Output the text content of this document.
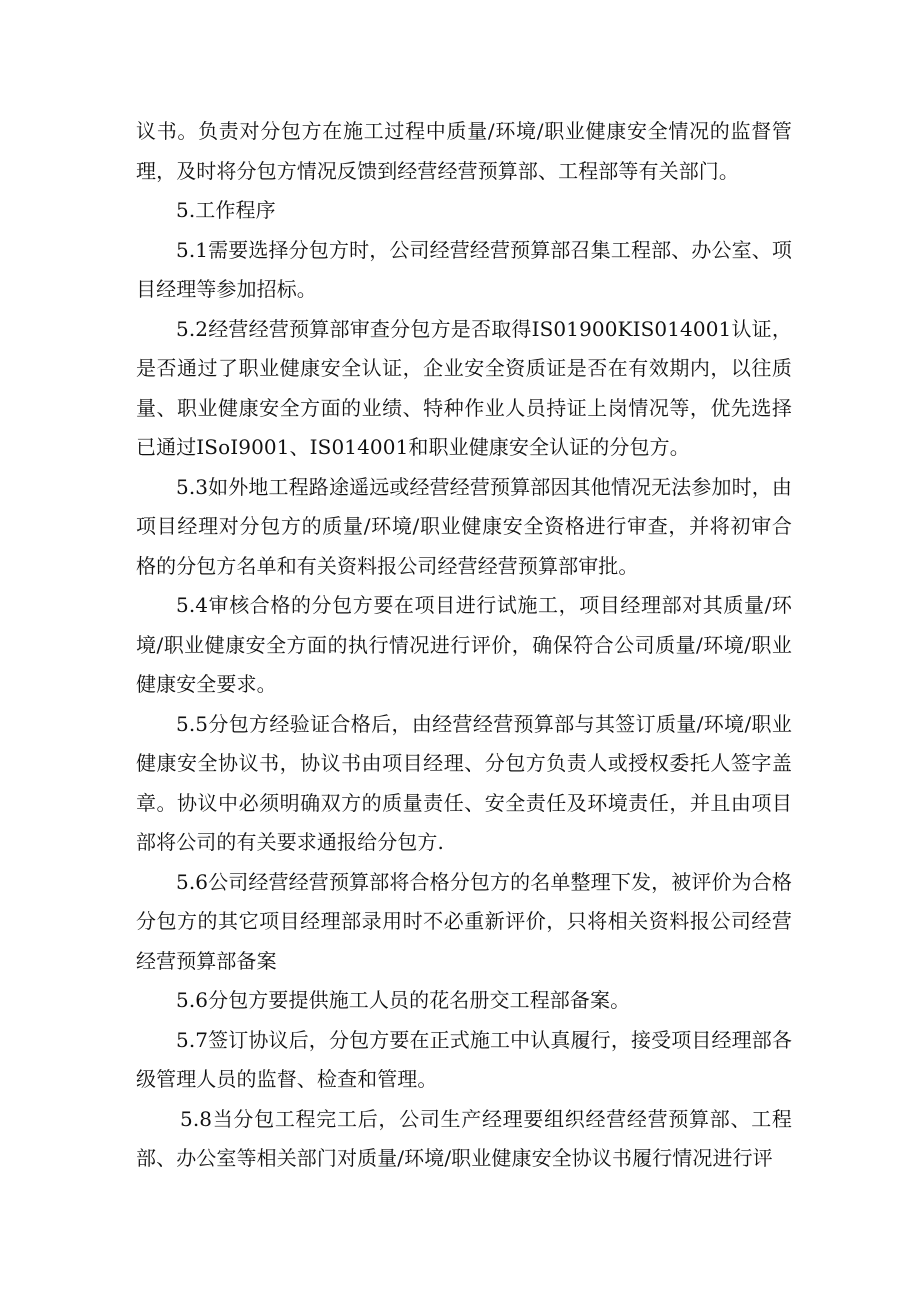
议书。负责对分包方在施工过程中质量/环境/职业健康安全情况的监督管理，及时将分包方情况反馈到经营经营预算部、工程部等有关部门。

5.工作程序

5.1需要选择分包方时，公司经营经营预算部召集工程部、办公室、项目经理等参加招标。

5.2经营经营预算部审查分包方是否取得IS01900KIS014001认证，是否通过了职业健康安全认证，企业安全资质证是否在有效期内，以往质量、职业健康安全方面的业绩、特种作业人员持证上岗情况等，优先选择已通过ISoI9001、IS014001和职业健康安全认证的分包方。

5.3如外地工程路途遥远或经营经营预算部因其他情况无法参加时，由项目经理对分包方的质量/环境/职业健康安全资格进行审查，并将初审合格的分包方名单和有关资料报公司经营经营预算部审批。

5.4审核合格的分包方要在项目进行试施工，项目经理部对其质量/环境/职业健康安全方面的执行情况进行评价，确保符合公司质量/环境/职业健康安全要求。

5.5分包方经验证合格后，由经营经营预算部与其签订质量/环境/职业健康安全协议书，协议书由项目经理、分包方负责人或授权委托人签字盖章。协议中必须明确双方的质量责任、安全责任及环境责任，并且由项目部将公司的有关要求通报给分包方.

5.6公司经营经营预算部将合格分包方的名单整理下发，被评价为合格分包方的其它项目经理部录用时不必重新评价，只将相关资料报公司经营经营预算部备案

5.6分包方要提供施工人员的花名册交工程部备案。

5.7签订协议后，分包方要在正式施工中认真履行，接受项目经理部各级管理人员的监督、检查和管理。

5.8当分包工程完工后，公司生产经理要组织经营经营预算部、工程部、办公室等相关部门对质量/环境/职业健康安全协议书履行情况进行评
